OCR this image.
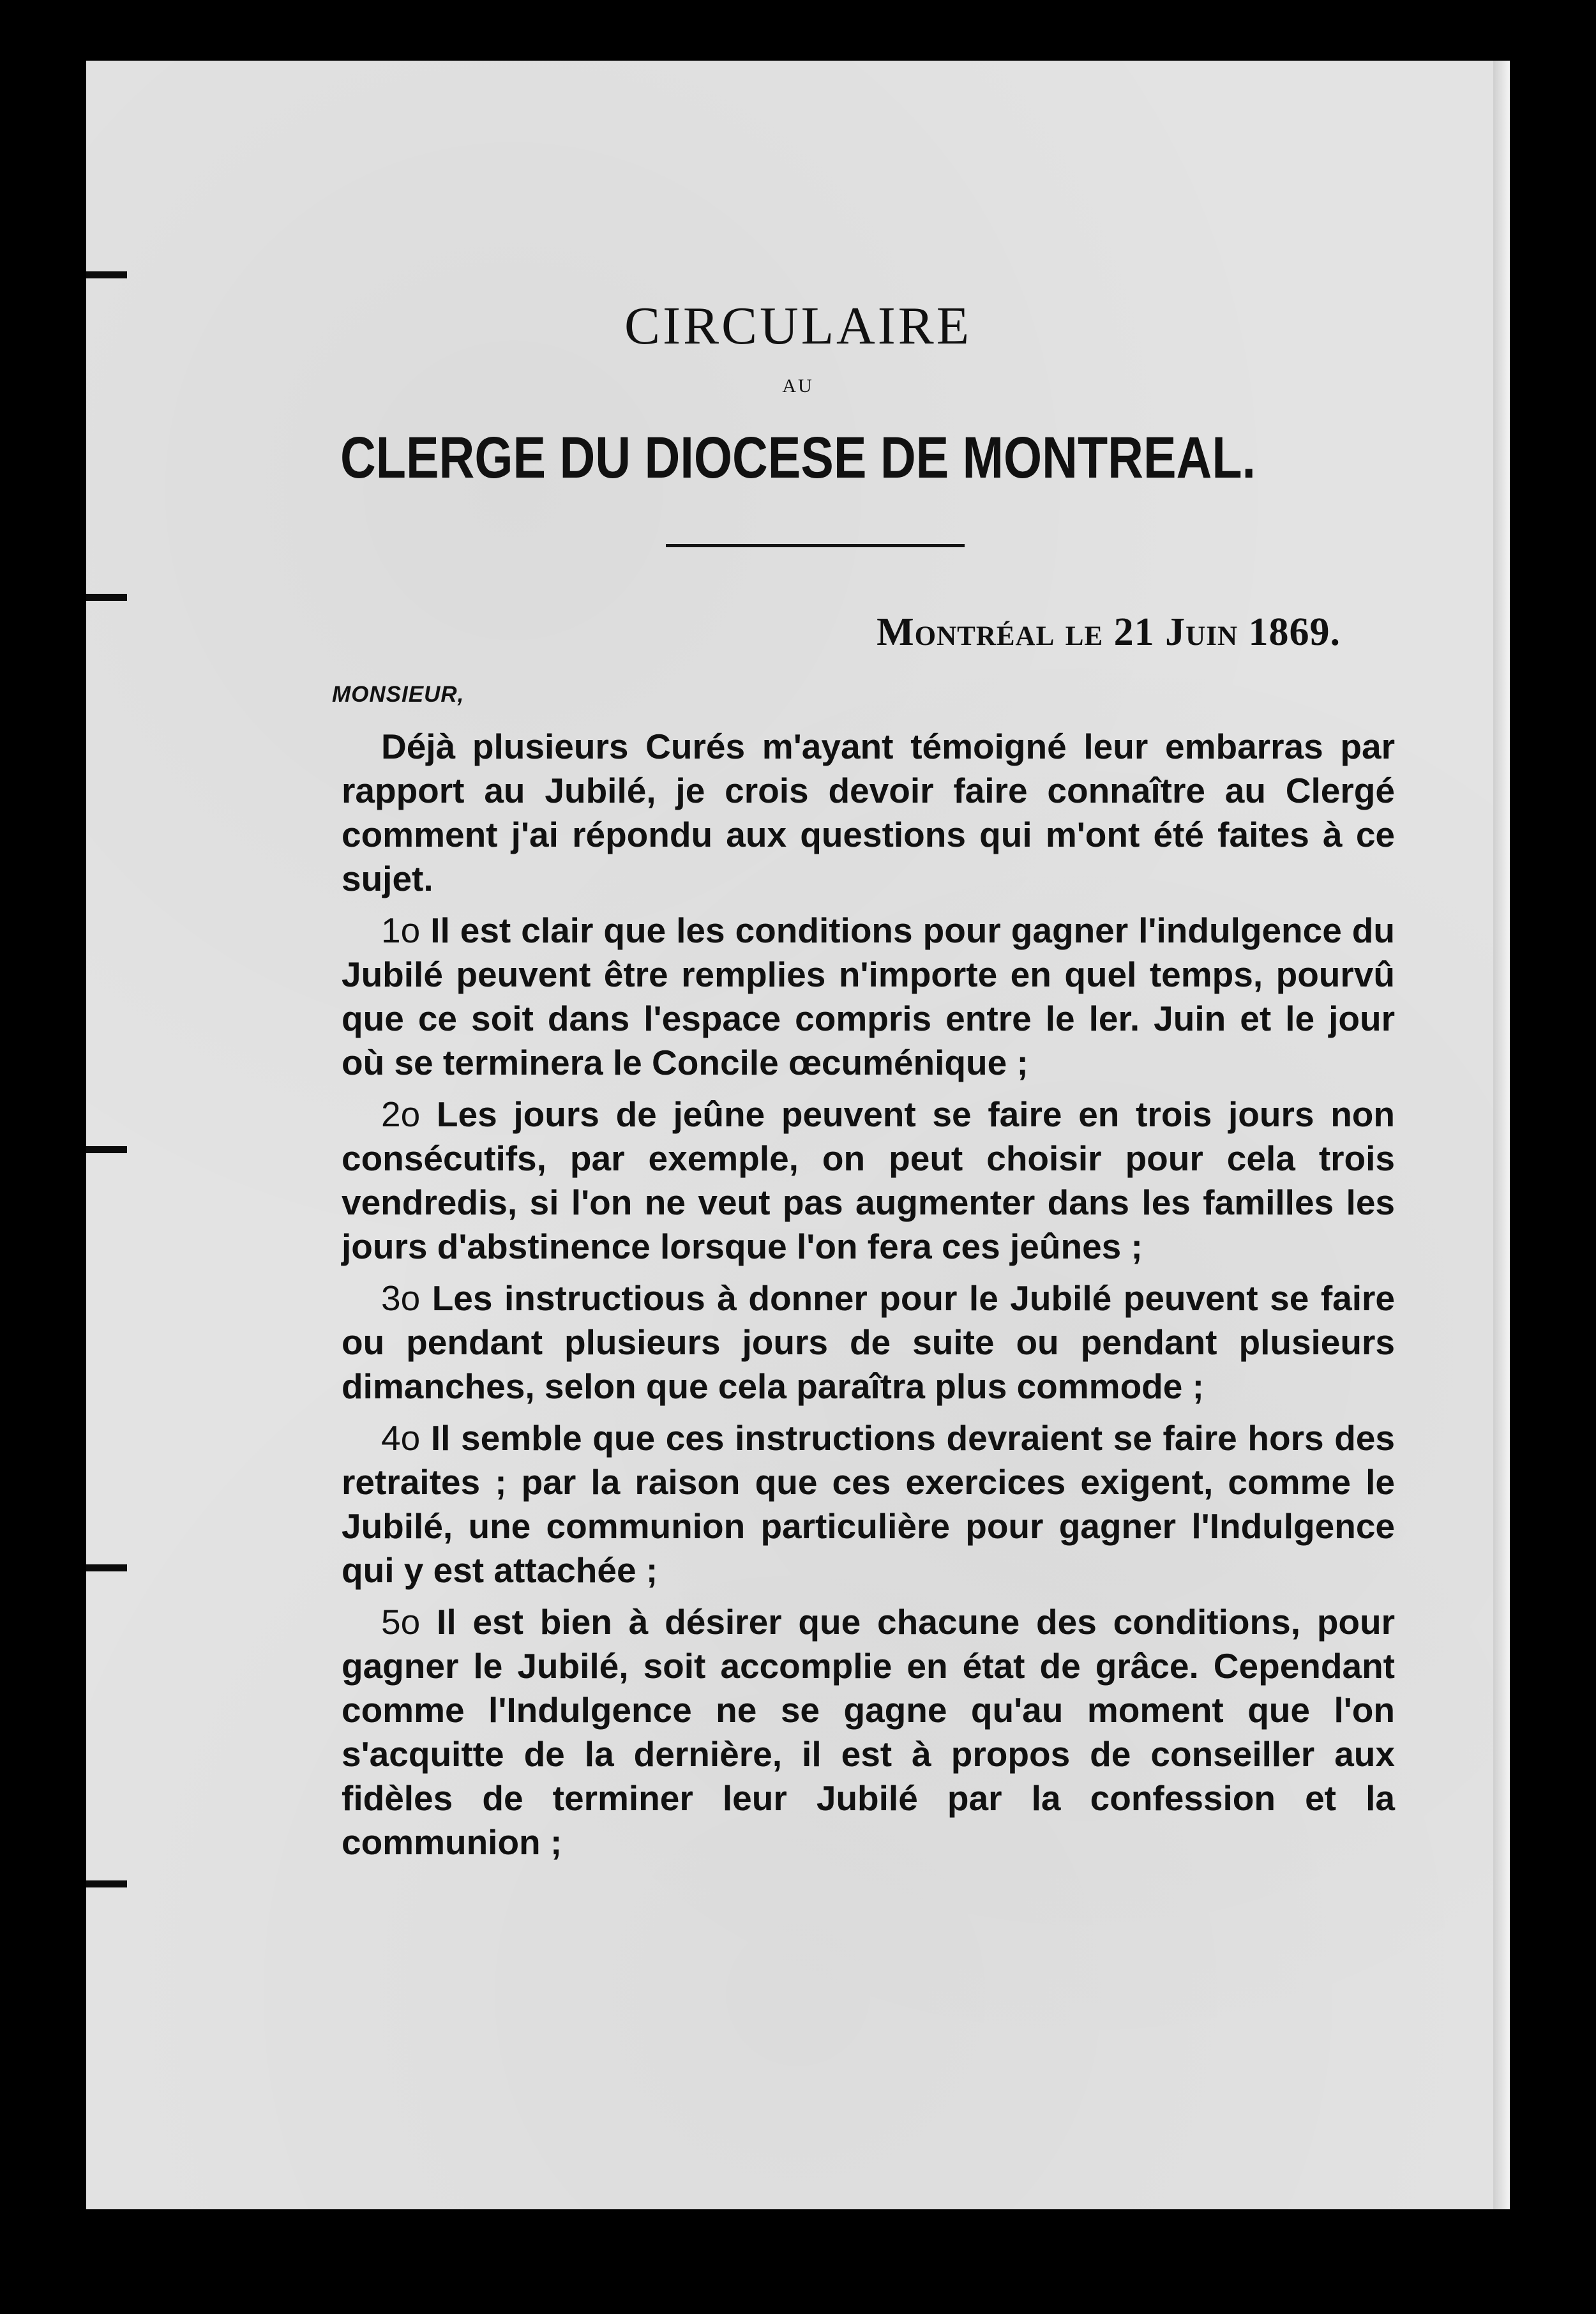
CIRCULAIRE
AU
CLERGE DU DIOCESE DE MONTREAL.
Montréal le 21 Juin 1869.
MONSIEUR,

Déjà plusieurs Curés m'ayant témoigné leur embarras par rapport au Jubilé, je crois devoir faire connaître au Clergé comment j'ai répondu aux questions qui m'ont été faites à ce sujet.

1o Il est clair que les conditions pour gagner l'indulgence du Jubilé peuvent être remplies n'importe en quel temps, pourvû que ce soit dans l'espace compris entre le ler. Juin et le jour où se terminera le Concile œcuménique ;

2o Les jours de jeûne peuvent se faire en trois jours non consécutifs, par exemple, on peut choisir pour cela trois vendredis, si l'on ne veut pas augmenter dans les familles les jours d'abstinence lorsque l'on fera ces jeûnes ;

3o Les instructious à donner pour le Jubilé peuvent se faire ou pendant plusieurs jours de suite ou pendant plusieurs dimanches, selon que cela paraîtra plus commode ;

4o Il semble que ces instructions devraient se faire hors des retraites ; par la raison que ces exercices exigent, comme le Jubilé, une communion particulière pour gagner l'Indulgence qui y est attachée ;

5o Il est bien à désirer que chacune des conditions, pour gagner le Jubilé, soit accomplie en état de grâce. Cependant comme l'Indulgence ne se gagne qu'au moment que l'on s'acquitte de la dernière, il est à propos de conseiller aux fidèles de terminer leur Jubilé par la confession et la communion ;
